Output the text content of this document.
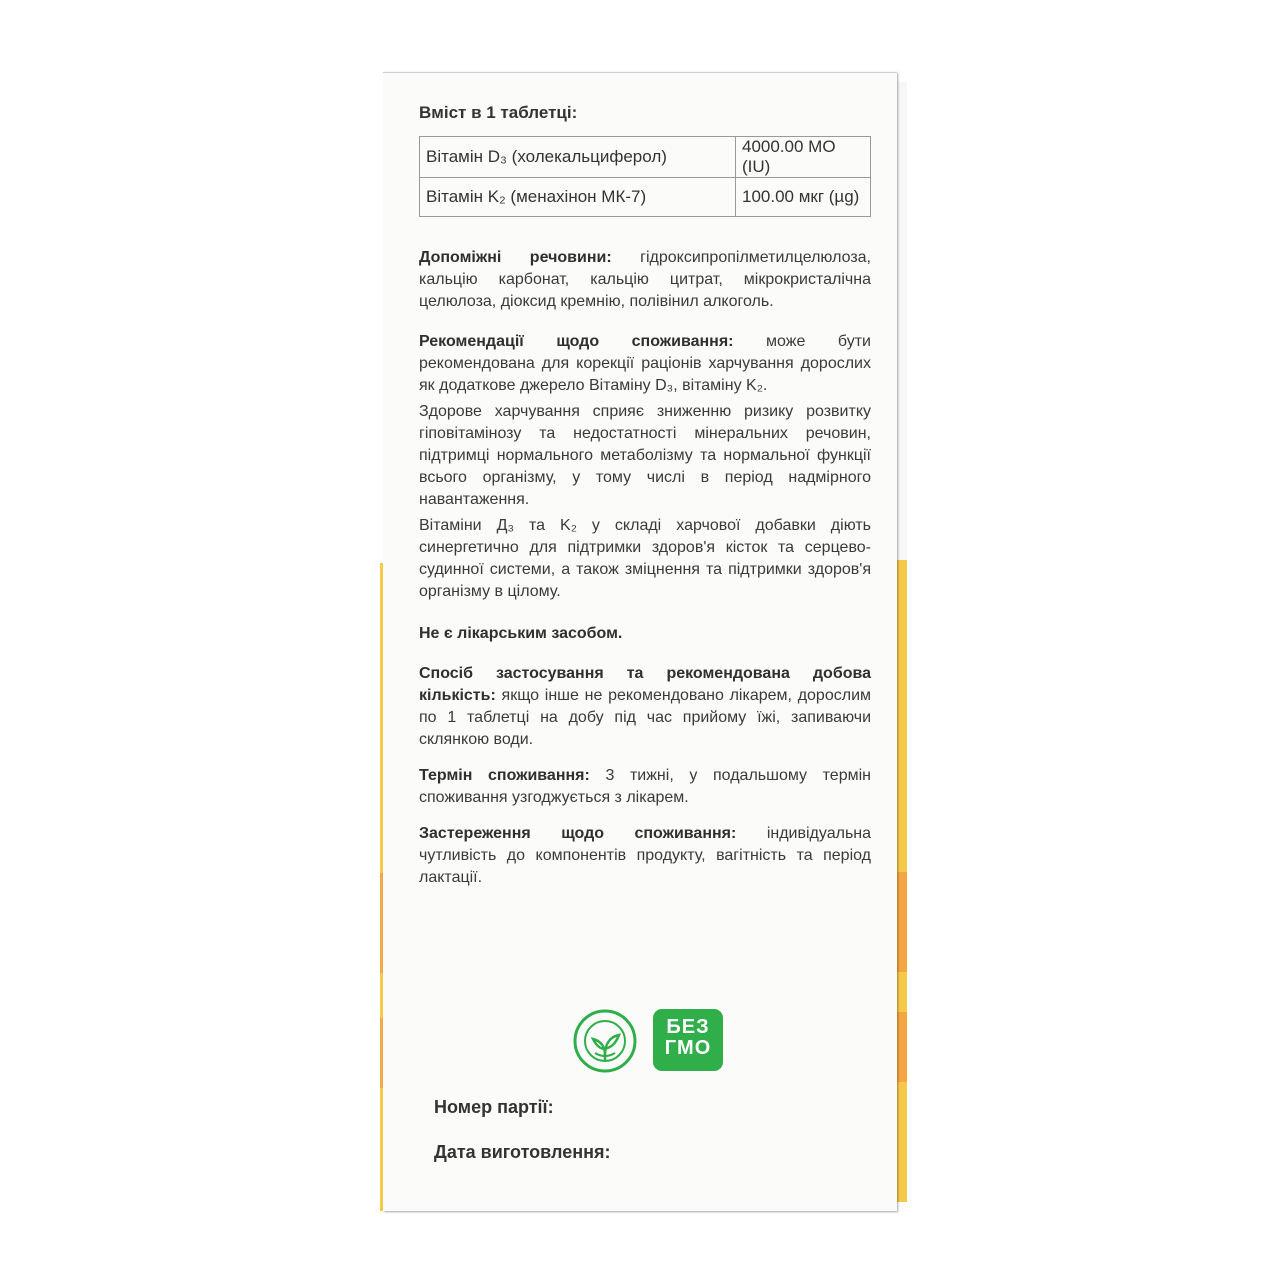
Вміст в 1 таблетці:
Вітамін D₃ (холекальциферол)	4000.00 МО (IU)
Вітамін K₂ (менахінон МК-7)	100.00 мкг (µg)

Допоміжні речовини: гідроксипропілметилцелюлоза, кальцію карбонат, кальцію цитрат, мікрокристалічна целюлоза, діоксид кремнію, полівінил алкоголь.

Рекомендації щодо споживання: може бути рекомендована для корекції раціонів харчування дорослих як додаткове джерело Вітаміну D₃, вітаміну K₂.

Здорове харчування сприяє зниженню ризику розвитку гіповітамінозу та недостатності мінеральних речовин, підтримці нормального метаболізму та нормальної функції всього організму, у тому числі в період надмірного навантаження.

Вітаміни Д₃ та K₂ у складі харчової добавки діють синергетично для підтримки здоров'я кісток та серцево-судинної системи, а також зміцнення та підтримки здоров'я організму в цілому.

Не є лікарським засобом.

Спосіб застосування та рекомендована добова кількість: якщо інше не рекомендовано лікарем, дорослим по 1 таблетці на добу під час прийому їжі, запиваючи склянкою води.

Термін споживання: 3 тижні, у подальшому термін споживання узгоджується з лікарем.

Застереження щодо споживання: індивідуальна чутливість до компонентів продукту, вагітність та період лактації.

БЕЗ
ГМО
Номер партії:
Дата виготовлення:
